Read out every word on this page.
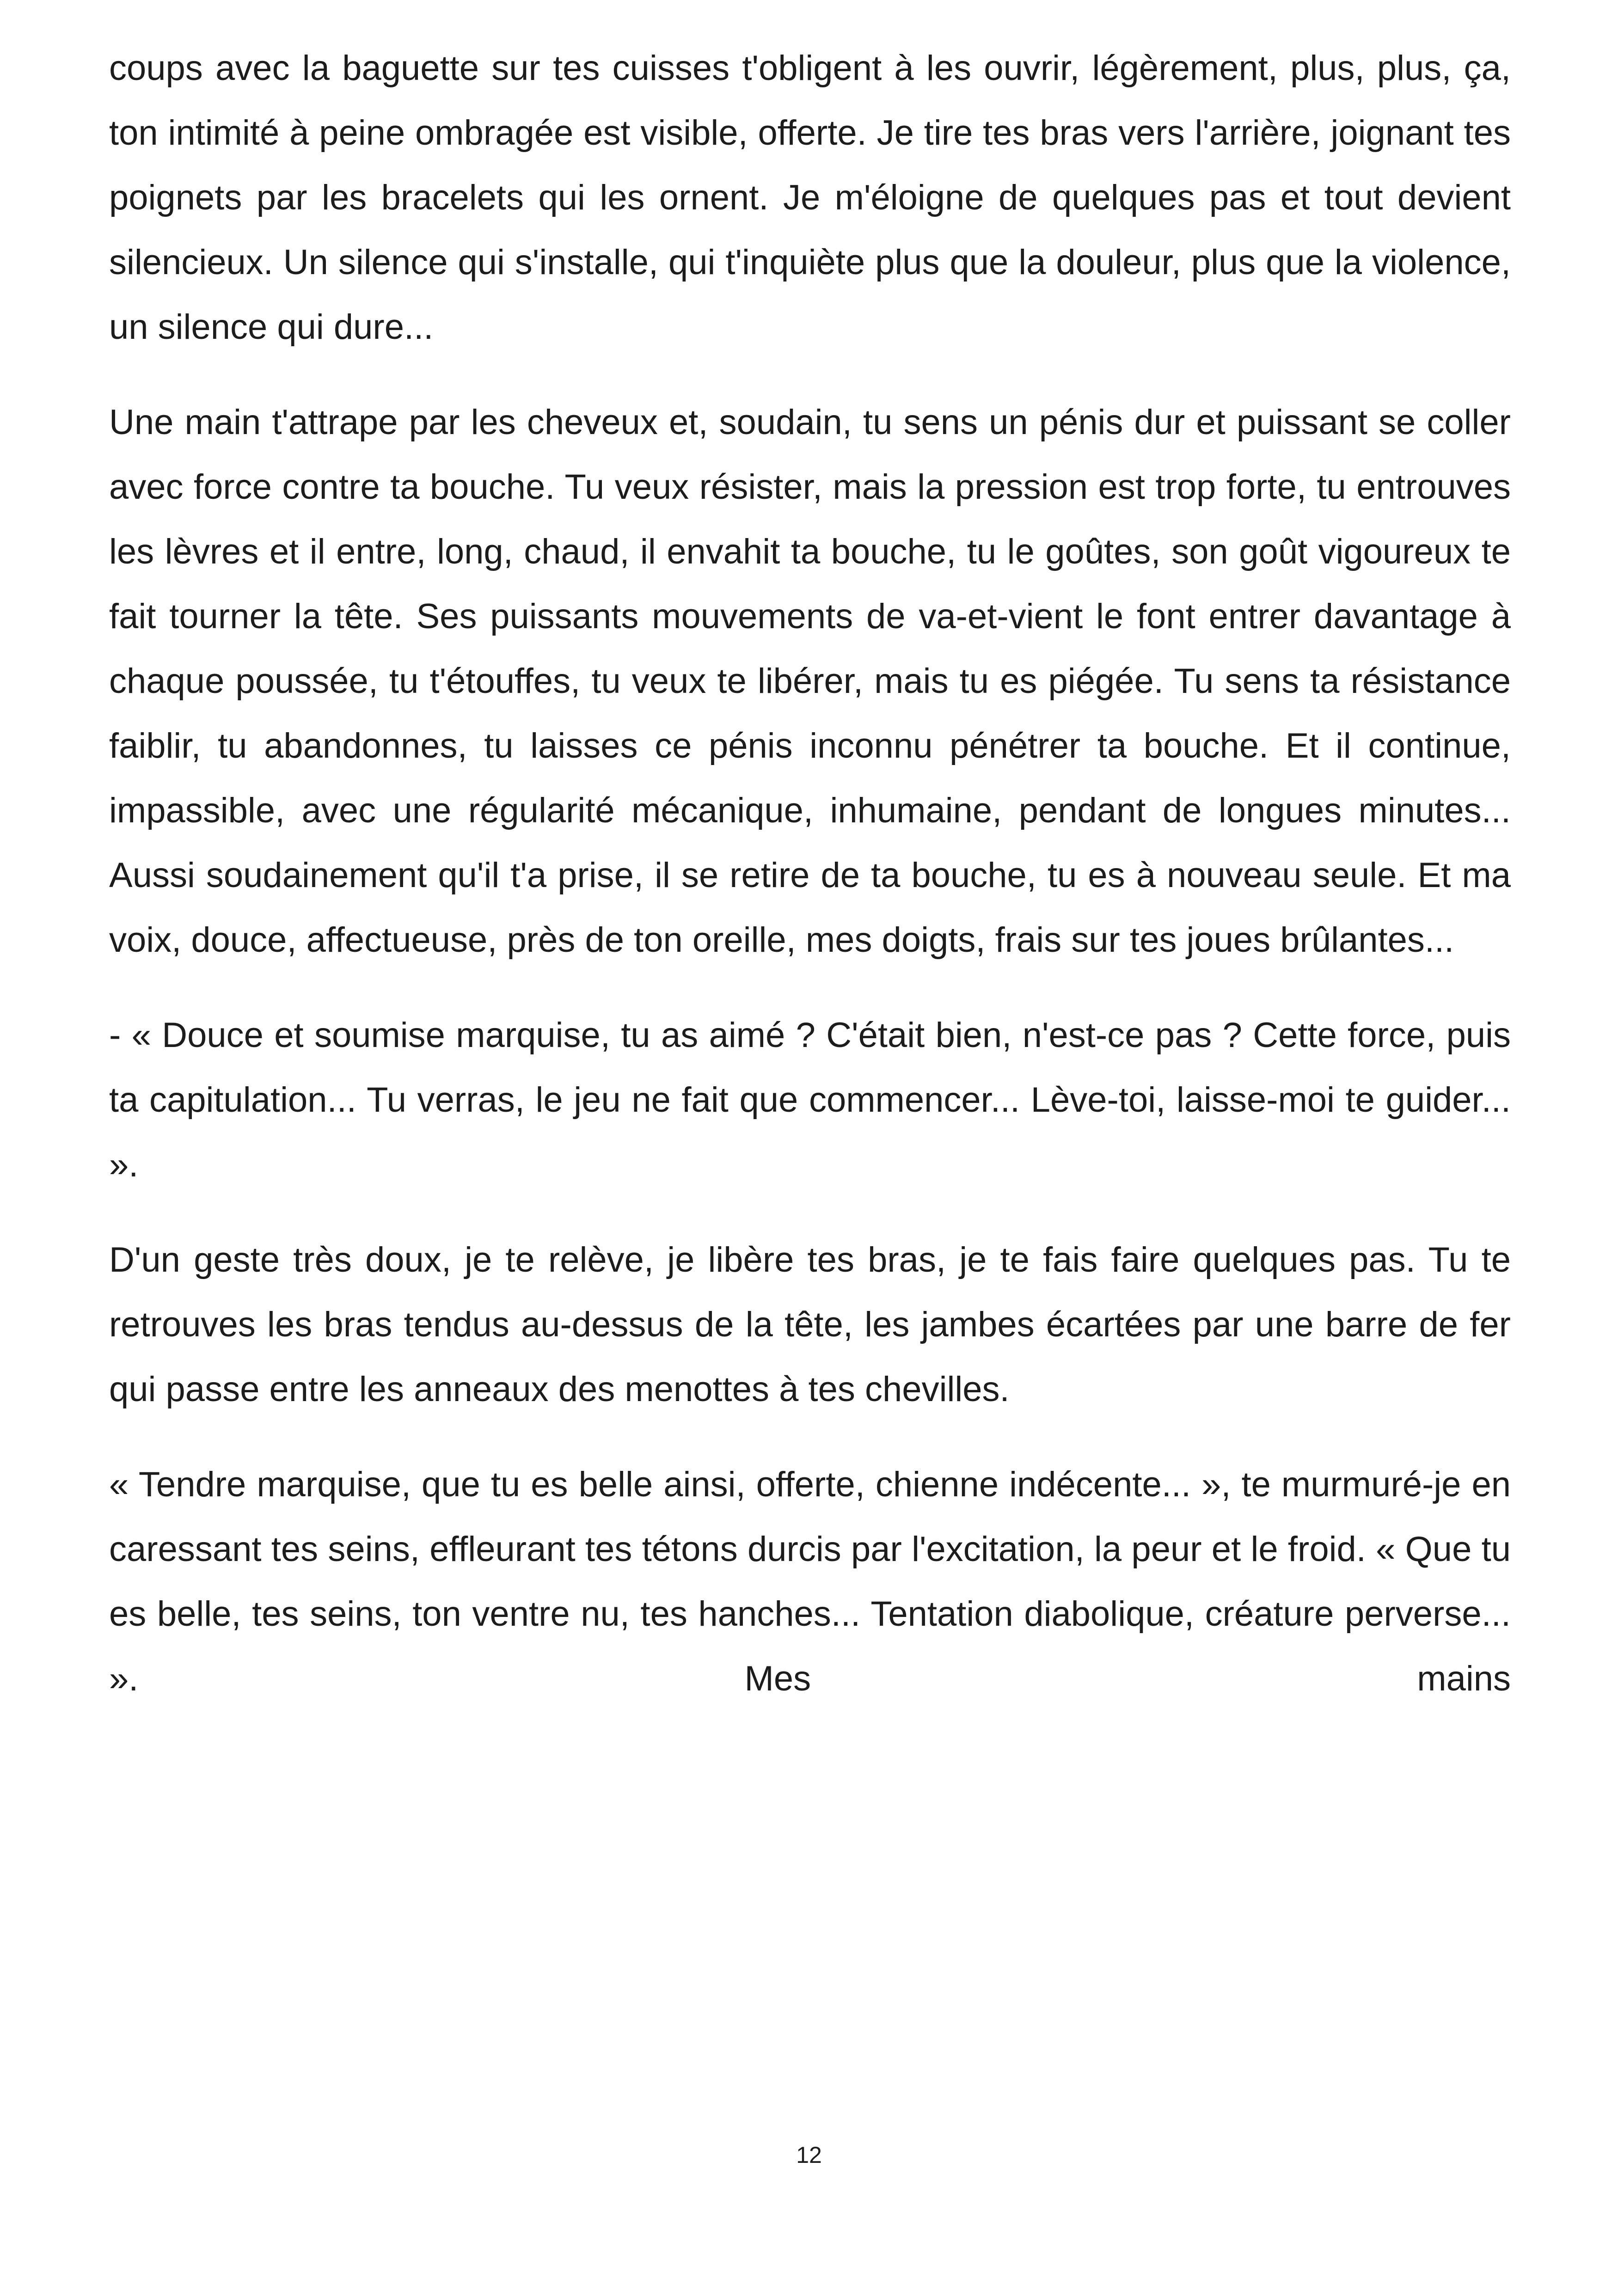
coups avec la baguette sur tes cuisses t'obligent à les ouvrir, légèrement, plus, plus, ça, ton intimité à peine ombragée est visible, offerte. Je tire tes bras vers l'arrière, joignant tes poignets par les bracelets qui les ornent. Je m'éloigne de quelques pas et tout devient silencieux. Un silence qui s'installe, qui t'inquiète plus que la douleur, plus que la violence, un silence qui dure...

Une main t'attrape par les cheveux et, soudain, tu sens un pénis dur et puissant se coller avec force contre ta bouche. Tu veux résister, mais la pression est trop forte, tu entrouves les lèvres et il entre, long, chaud, il envahit ta bouche, tu le goûtes, son goût vigoureux te fait tourner la tête. Ses puissants mouvements de va-et-vient le font entrer davantage à chaque poussée, tu t'étouffes, tu veux te libérer, mais tu es piégée. Tu sens ta résistance faiblir, tu abandonnes, tu laisses ce pénis inconnu pénétrer ta bouche. Et il continue, impassible, avec une régularité mécanique, inhumaine, pendant de longues minutes... Aussi soudainement qu'il t'a prise, il se retire de ta bouche, tu es à nouveau seule. Et ma voix, douce, affectueuse, près de ton oreille, mes doigts, frais sur tes joues brûlantes...

- « Douce et soumise marquise, tu as aimé ? C'était bien, n'est-ce pas ? Cette force, puis ta capitulation... Tu verras, le jeu ne fait que commencer... Lève-toi, laisse-moi te guider... ».

D'un geste très doux, je te relève, je libère tes bras, je te fais faire quelques pas. Tu te retrouves les bras tendus au-dessus de la tête, les jambes écartées par une barre de fer qui passe entre les anneaux des menottes à tes chevilles.

« Tendre marquise, que tu es belle ainsi, offerte, chienne indécente... », te murmuré-je en caressant tes seins, effleurant tes tétons durcis par l'excitation, la peur et le froid. « Que tu es belle, tes seins, ton ventre nu, tes hanches... Tentation diabolique, créature perverse... ». Mes mains

12
